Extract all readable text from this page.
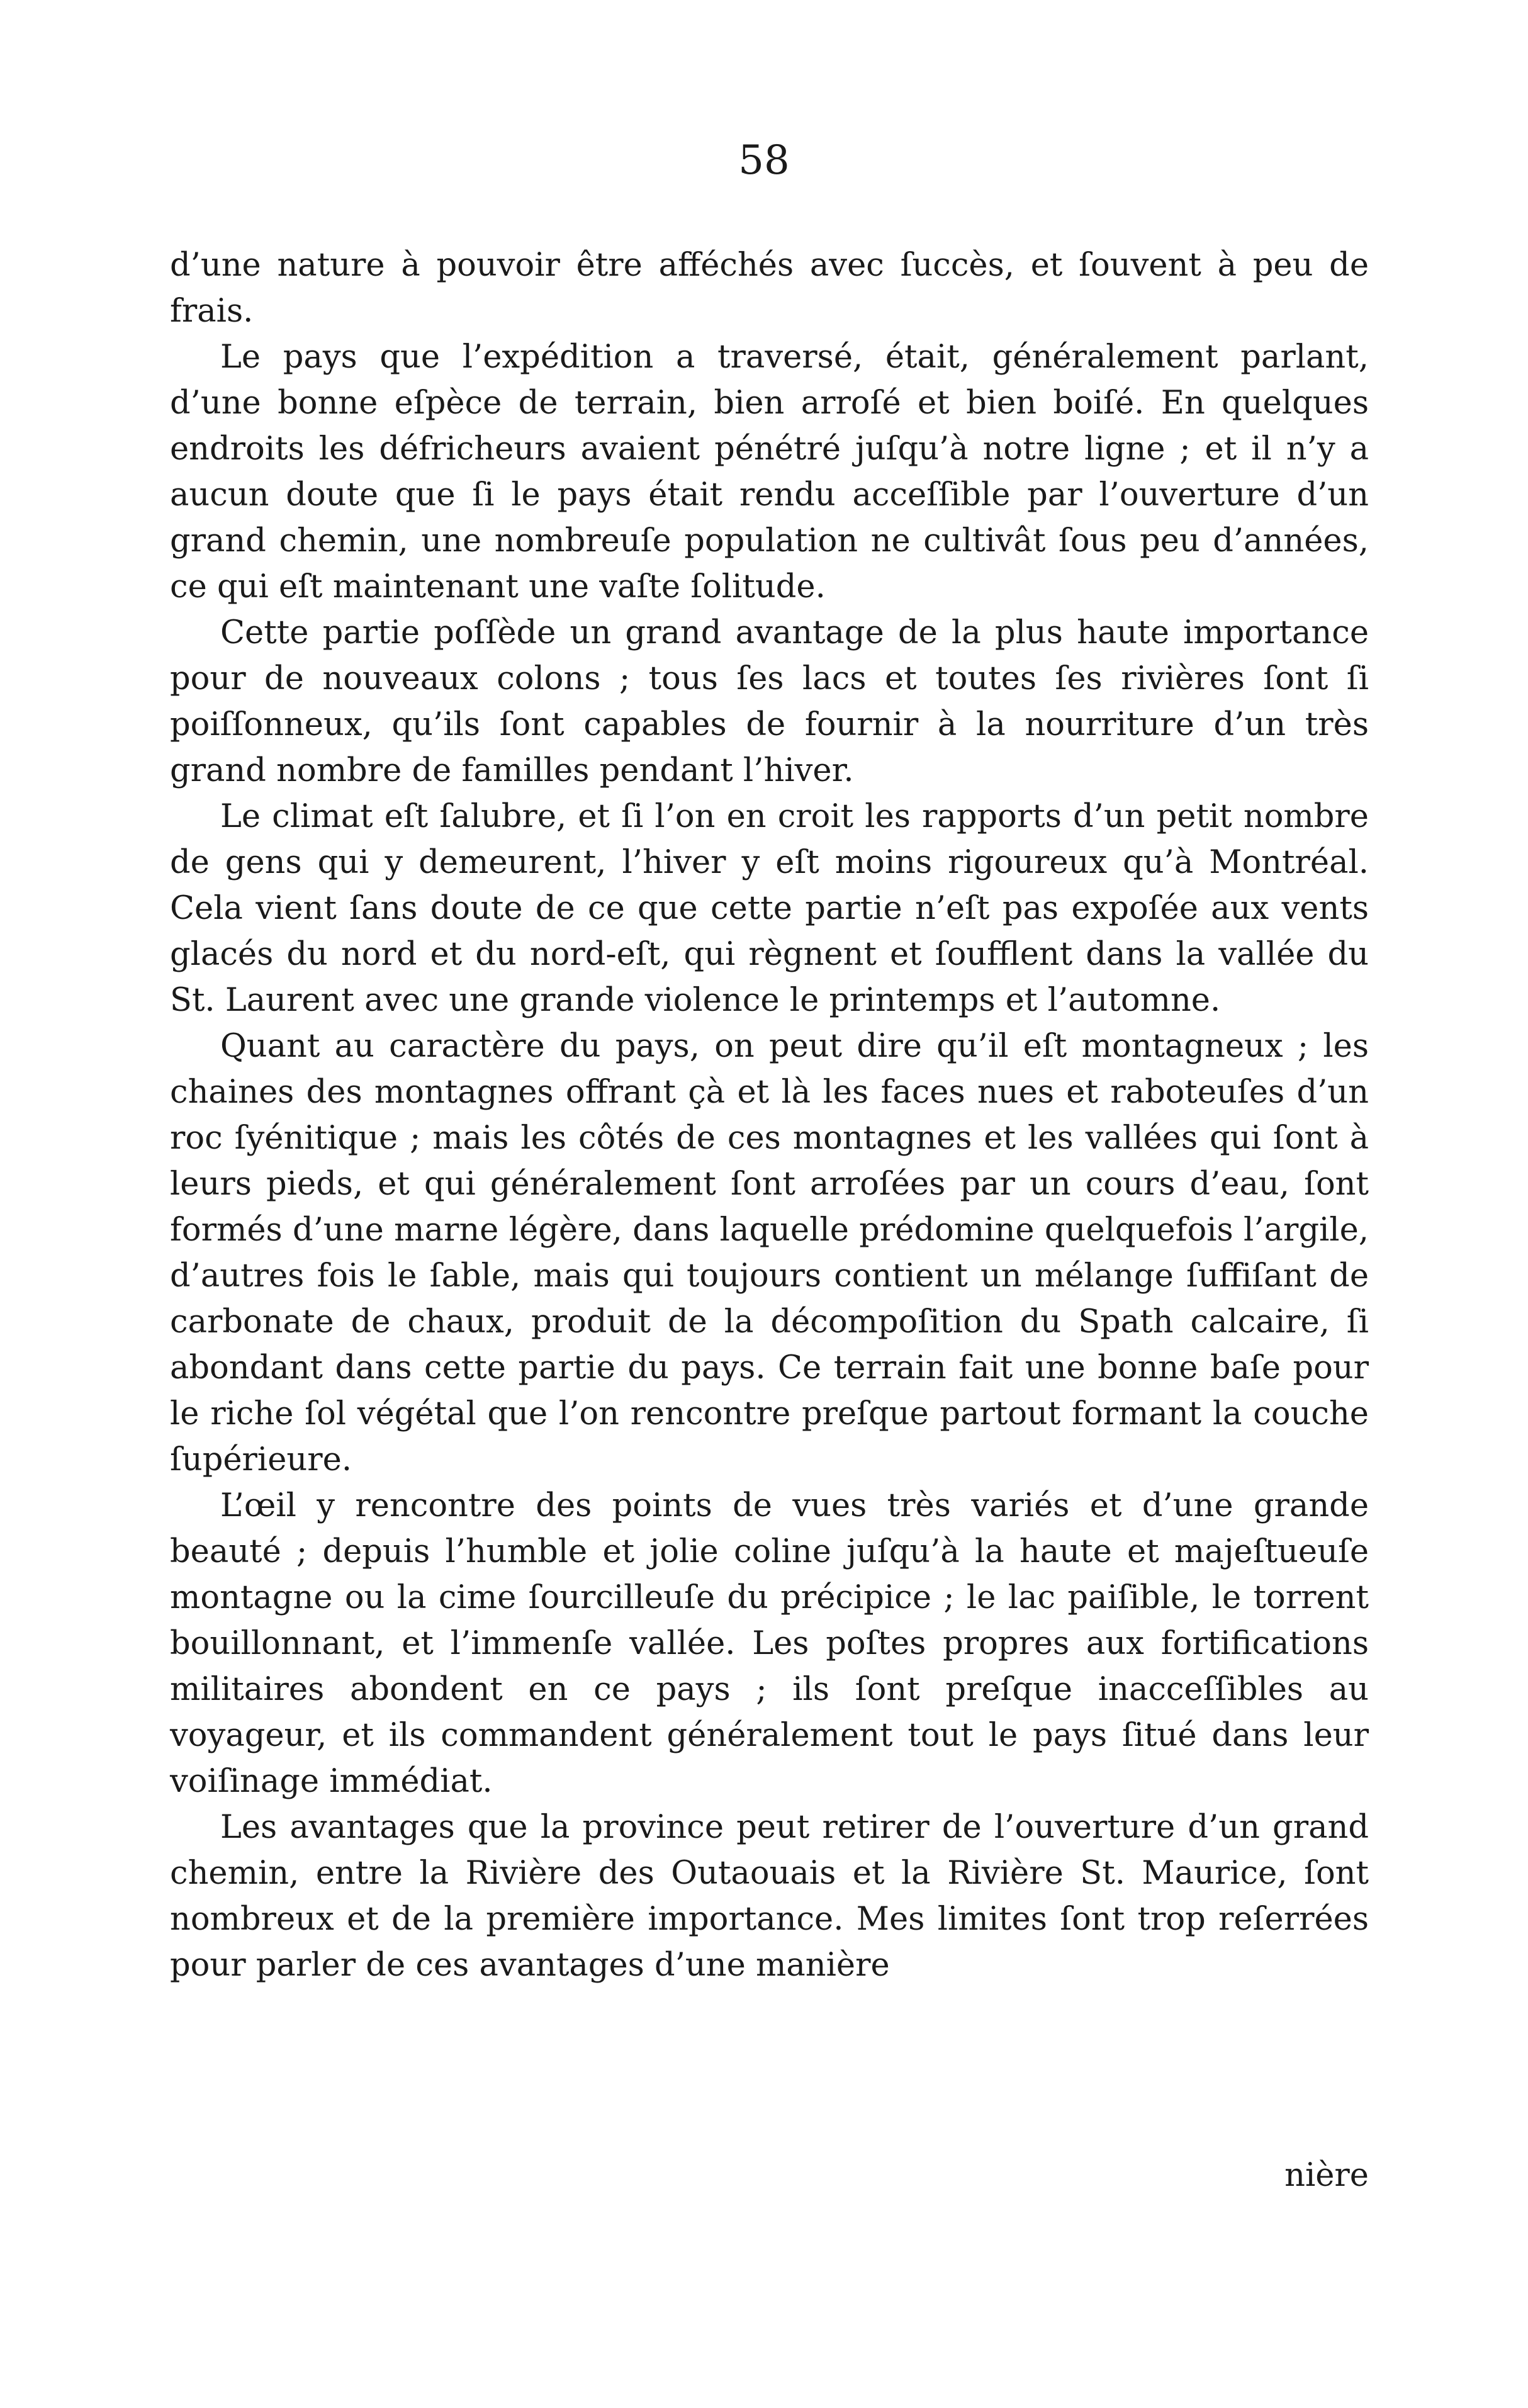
58

d’une nature à pouvoir être afféchés avec ſuccès, et ſouvent à peu de frais.

Le pays que l’expédition a traversé, était, généralement parlant, d’une bonne eſpèce de terrain, bien arroſé et bien boiſé. En quelques endroits les défricheurs avaient pénétré juſqu’à notre ligne ; et il n’y a aucun doute que ſi le pays était rendu acceſſible par l’ouverture d’un grand chemin, une nombreuſe population ne cultivât ſous peu d’années, ce qui eſt maintenant une vaſte ſolitude.

Cette partie poſſède un grand avantage de la plus haute importance pour de nouveaux colons ; tous ſes lacs et toutes ſes rivières ſont ſi poiſſonneux, qu’ils ſont capables de fournir à la nourriture d’un très grand nombre de familles pendant l’hiver.

Le climat eſt ſalubre, et ſi l’on en croit les rapports d’un petit nombre de gens qui y demeurent, l’hiver y eſt moins rigoureux qu’à Montréal. Cela vient ſans doute de ce que cette partie n’eſt pas expoſée aux vents glacés du nord et du nord-eſt, qui règnent et ſoufflent dans la vallée du St. Laurent avec une grande violence le printemps et l’automne.

Quant au caractère du pays, on peut dire qu’il eſt montagneux ; les chaines des montagnes offrant çà et là les faces nues et raboteuſes d’un roc ſyénitique ; mais les côtés de ces montagnes et les vallées qui ſont à leurs pieds, et qui généralement ſont arroſées par un cours d’eau, ſont formés d’une marne légère, dans laquelle prédomine quelquefois l’argile, d’autres fois le ſable, mais qui toujours contient un mélange ſuffiſant de carbonate de chaux, produit de la décompoſition du Spath calcaire, ſi abondant dans cette partie du pays. Ce terrain fait une bonne baſe pour le riche ſol végétal que l’on rencontre preſque partout formant la couche ſupérieure.

L’œil y rencontre des points de vues très variés et d’une grande beauté ; depuis l’humble et jolie coline juſqu’à la haute et majeſtueuſe montagne ou la cime ſourcilleuſe du précipice ; le lac paiſible, le torrent bouillonnant, et l’immenſe vallée. Les poſtes propres aux fortifications militaires abondent en ce pays ; ils ſont preſque inacceſſibles au voyageur, et ils commandent généralement tout le pays ſitué dans leur voiſinage immédiat.

Les avantages que la province peut retirer de l’ouverture d’un grand chemin, entre la Rivière des Outaouais et la Rivière St. Maurice, ſont nombreux et de la première importance. Mes limites ſont trop reſerrées pour parler de ces avantages d’une manière

nière
